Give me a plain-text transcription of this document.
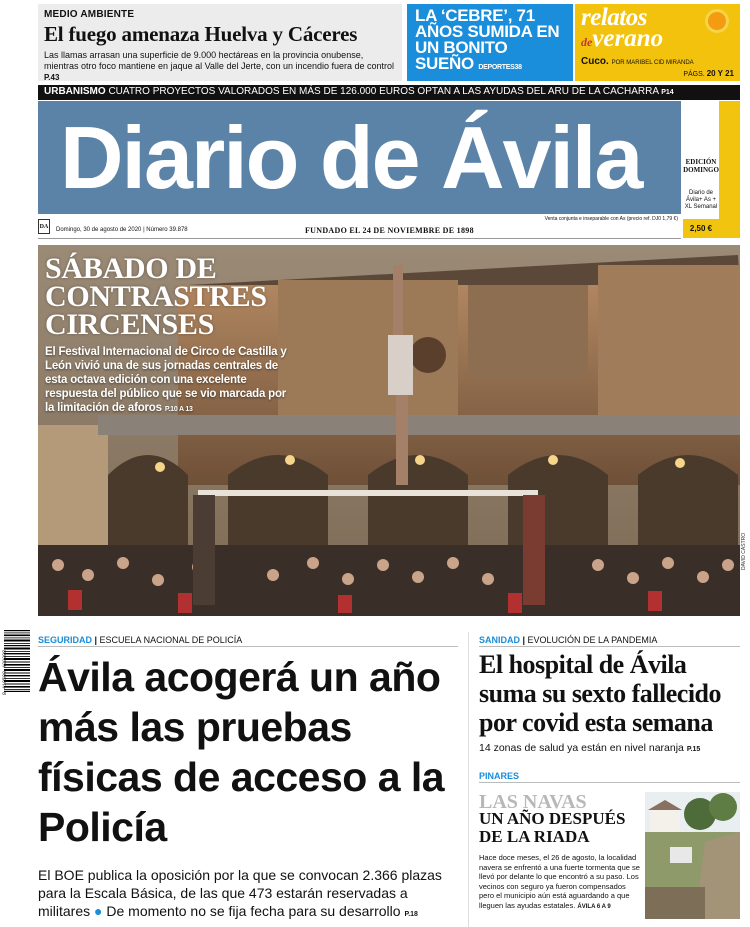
MEDIO AMBIENTE
El fuego amenaza Huelva y Cáceres
Las llamas arrasan una superficie de 9.000 hectáreas en la provincia onubense, mientras otro foco mantiene en jaque al Valle del Jerte, con un incendio fuera de control P.43
LA ‘CEBRE’, 71 AÑOS SUMIDA EN UN BONITO SUEÑO DEPORTES38
relatos
deverano
Cuco. POR MARIBEL CID MIRANDA
PÁGS. 20 Y 21
URBANISMO CUATRO PROYECTOS VALORADOS EN MÁS DE 126.000 EUROS OPTAN A LAS AYUDAS DEL ARU DE LA CACHARRA P14
Diario de Ávila	EDICIÓN DOMINGO
Diario de Ávila+ As + XL Semanal
2,50 €
DA Domingo, 30 de agosto de 2020 | Número 39.878	FUNDADO EL 24 DE NOVIEMBRE DE 1898
Venta conjunta e inseparable con As (precio ref. DJ0 1,79 €)
SÁBADO DE CONTRASTRES CIRCENSES
El Festival Internacional de Circo de Castilla y León vivió una de sus jornadas centrales de esta octava edición con una excelente respuesta del público que se vio marcada por la limitación de aforos P.10 A 13
DAVID CASTRO
8 410500 420208
SEGURIDAD | ESCUELA NACIONAL DE POLICÍA
Ávila acogerá un año más las pruebas físicas de acceso a la Policía
El BOE publica la oposición por la que se convocan 2.366 plazas para la Escala Básica, de las que 473 estarán reservadas a militares ● De momento no se fija fecha para su desarrollo P.18
SANIDAD | EVOLUCIÓN DE LA PANDEMIA
El hospital de Ávila suma su sexto fallecido por covid esta semana
14 zonas de salud ya están en nivel naranja P.15
PINARES
LAS NAVAS
UN AÑO DESPUÉS DE LA RIADA
Hace doce meses, el 26 de agosto, la localidad navera se enfrentó a una fuerte tormenta que se llevó por delante lo que encontró a su paso. Los vecinos con seguro ya fueron compensados pero el municipio aún está aguardando a que lleguen las ayudas estatales. ÁVILA 6 A 9
